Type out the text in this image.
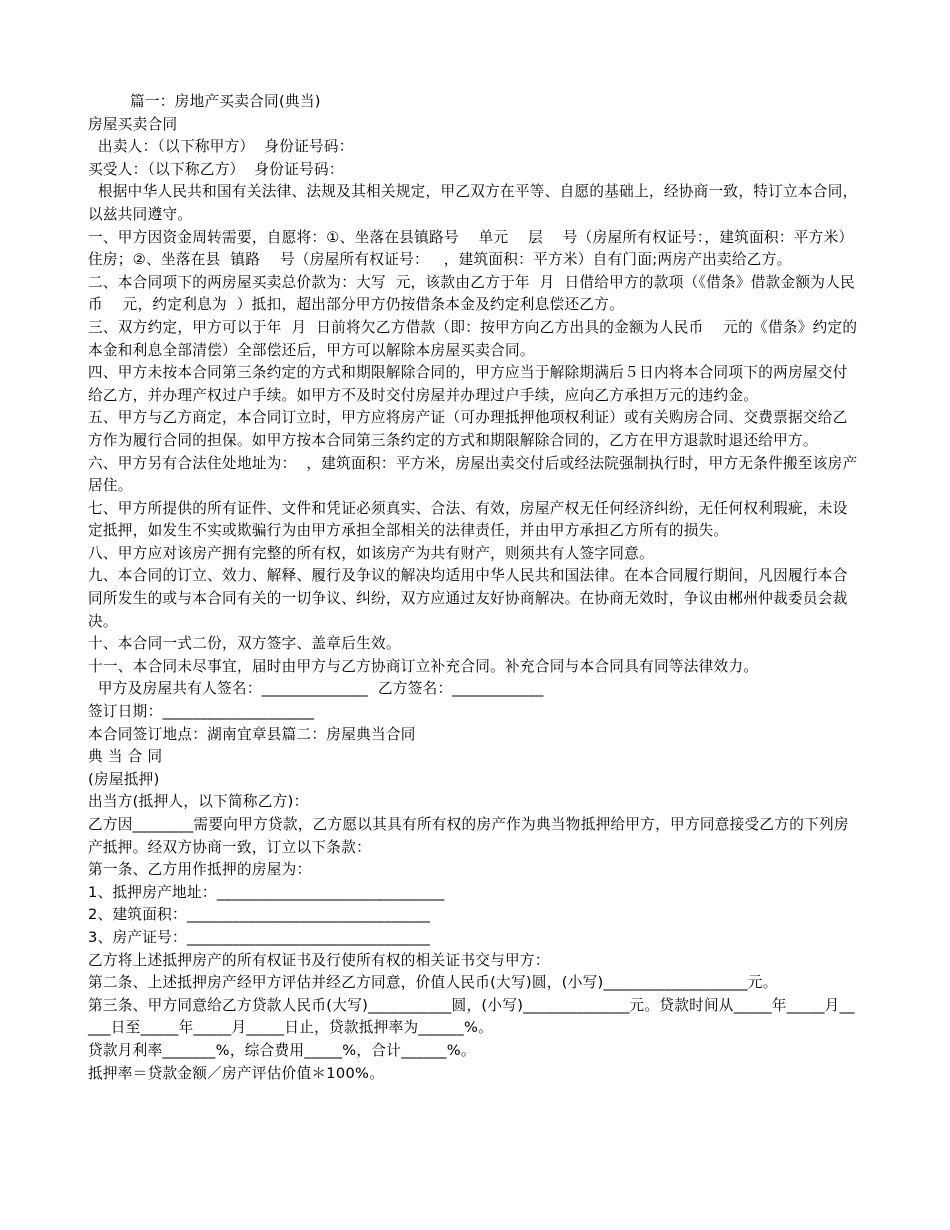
篇一：房地产买卖合同(典当)
房屋买卖合同
出卖人：（以下称甲方）  身份证号码：
买受人：（以下称乙方）  身份证号码：
根据中华人民共和国有关法律、法规及其相关规定，甲乙双方在平等、自愿的基础上，经协商一致，特订立本合同，以兹共同遵守。
一、甲方因资金周转需要，自愿将：①、坐落在县镇路号    单元    层    号（房屋所有权证号：，建筑面积：平方米）住房；②、坐落在县  镇路    号（房屋所有权证号：   ，建筑面积：平方米）自有门面;两房产出卖给乙方。
二、本合同项下的两房屋买卖总价款为：大写  元，该款由乙方于年  月  日借给甲方的款项（《借条》借款金额为人民币    元，约定利息为  ）抵扣，超出部分甲方仍按借条本金及约定利息偿还乙方。
三、双方约定，甲方可以于年  月  日前将欠乙方借款（即：按甲方向乙方出具的金额为人民币    元的《借条》约定的本金和利息全部清偿）全部偿还后，甲方可以解除本房屋买卖合同。
四、甲方未按本合同第三条约定的方式和期限解除合同的，甲方应当于解除期满后５日内将本合同项下的两房屋交付给乙方，并办理产权过户手续。如甲方不及时交付房屋并办理过户手续，应向乙方承担万元的违约金。
五、甲方与乙方商定，本合同订立时，甲方应将房产证（可办理抵押他项权利证）或有关购房合同、交费票据交给乙方作为履行合同的担保。如甲方按本合同第三条约定的方式和期限解除合同的，乙方在甲方退款时退还给甲方。
六、甲方另有合法住处地址为：  ，建筑面积：平方米，房屋出卖交付后或经法院强制执行时，甲方无条件搬至该房产居住。
七、甲方所提供的所有证件、文件和凭证必须真实、合法、有效，房屋产权无任何经济纠纷，无任何权利瑕疵，未设定抵押，如发生不实或欺骗行为由甲方承担全部相关的法律责任，并由甲方承担乙方所有的损失。
八、甲方应对该房产拥有完整的所有权，如该房产为共有财产，则须共有人签字同意。
九、本合同的订立、效力、解释、履行及争议的解决均适用中华人民共和国法律。在本合同履行期间，凡因履行本合同所发生的或与本合同有关的一切争议、纠纷，双方应通过友好协商解决。在协商无效时，争议由郴州仲裁委员会裁决。
十、本合同一式二份，双方签字、盖章后生效。
十一、本合同未尽事宜，届时由甲方与乙方协商订立补充合同。补充合同与本合同具有同等法律效力。
甲方及房屋共有人签名：______________  乙方签名：____________
签订日期：____________________
本合同签订地点：湖南宜章县篇二：房屋典当合同
典 当 合 同
(房屋抵押)
出当方(抵押人，以下简称乙方)：
乙方因________需要向甲方贷款，乙方愿以其具有所有权的房产作为典当物抵押给甲方，甲方同意接受乙方的下列房产抵押。经双方协商一致，订立以下条款：
第一条、乙方用作抵押的房屋为：
1、抵押房产地址：______________________________
2、建筑面积：________________________________
3、房产证号：________________________________
乙方将上述抵押房产的所有权证书及行使所有权的相关证书交与甲方：
第二条、上述抵押房产经甲方评估并经乙方同意，价值人民币(大写)圆，(小写)___________________元。
第三条、甲方同意给乙方贷款人民币(大写)___________圆，(小写)______________元。贷款时间从_____年_____月_____日至_____年_____月_____日止，贷款抵押率为______%。
贷款月利率_______%，综合费用_____%，合计______%。
抵押率＝贷款金额／房产评估价值＊100%。
